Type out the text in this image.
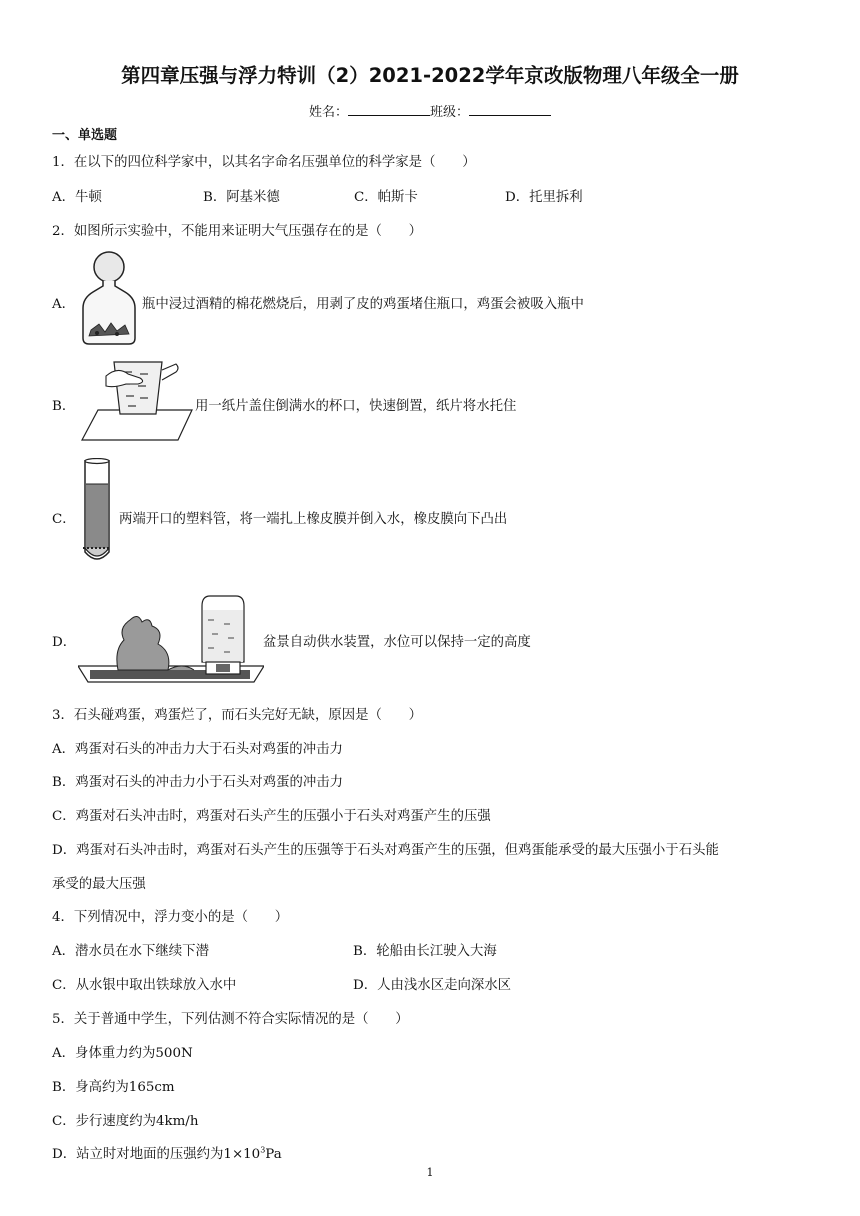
第四章压强与浮力特训（2）2021-2022学年京改版物理八年级全一册
姓名：	班级：
一、单选题
1．在以下的四位科学家中，以其名字命名压强单位的科学家是（　　）
A．牛顿	B．阿基米德	C．帕斯卡	D．托里拆利
2．如图所示实验中，不能用来证明大气压强存在的是（　　）
A．	瓶中浸过酒精的棉花燃烧后，用剥了皮的鸡蛋堵住瓶口，鸡蛋会被吸入瓶中
B．	用一纸片盖住倒满水的杯口，快速倒置，纸片将水托住
C．	两端开口的塑料管，将一端扎上橡皮膜并倒入水，橡皮膜向下凸出
D．	盆景自动供水装置，水位可以保持一定的高度
3．石头碰鸡蛋，鸡蛋烂了，而石头完好无缺，原因是（　　）
A．鸡蛋对石头的冲击力大于石头对鸡蛋的冲击力
B．鸡蛋对石头的冲击力小于石头对鸡蛋的冲击力
C．鸡蛋对石头冲击时，鸡蛋对石头产生的压强小于石头对鸡蛋产生的压强
D．鸡蛋对石头冲击时，鸡蛋对石头产生的压强等于石头对鸡蛋产生的压强，但鸡蛋能承受的最大压强小于石头能
承受的最大压强
4．下列情况中，浮力变小的是（　　）
A．潜水员在水下继续下潜	B．轮船由长江驶入大海
C．从水银中取出铁球放入水中	D．人由浅水区走向深水区
5．关于普通中学生，下列估测不符合实际情况的是（　　）
A．身体重力约为500N
B．身高约为165cm
C．步行速度约为4km/h
D．站立时对地面的压强约为$1\times 10^3Pa$
1
